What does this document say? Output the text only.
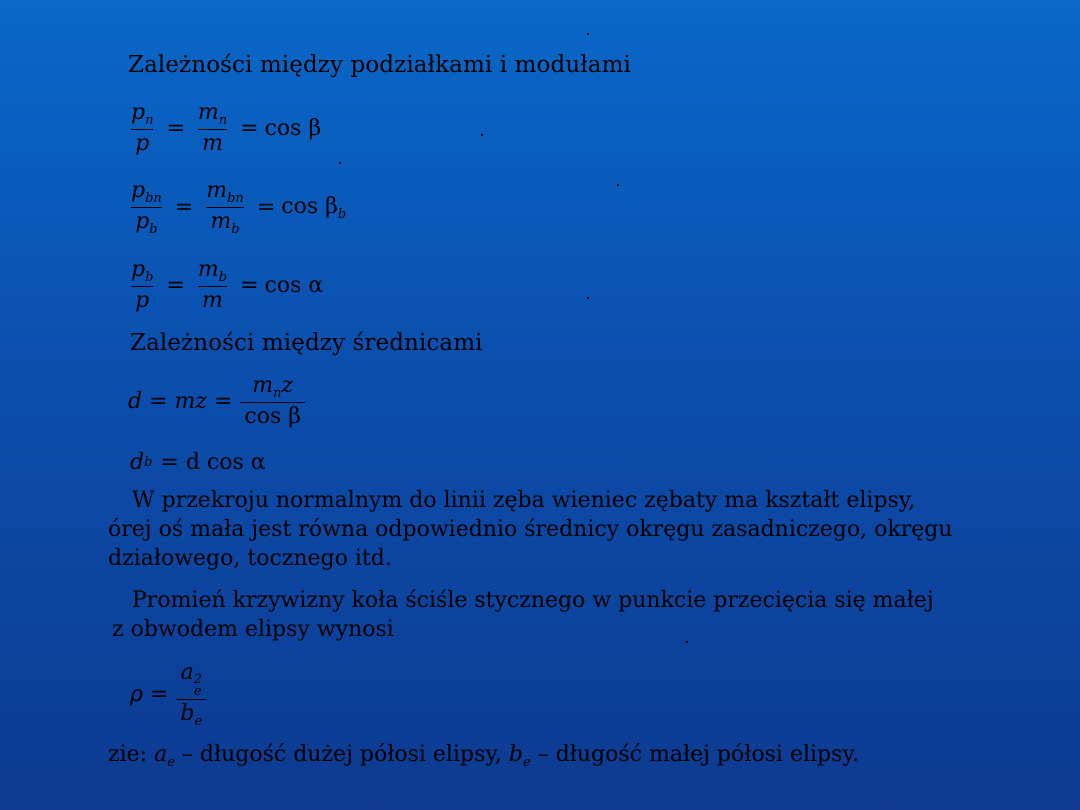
Zależności między podziałkami i modułami
$\frac{p_n}{p} = \frac{m_n}{m} = \cos \beta$
$\frac{p_{bn}}{p_b} = \frac{m_{bn}}{m_b} = \cos \beta_b$
$\frac{p_b}{p} = \frac{m_b}{m} = \cos \alpha$
Zależności między średnicami
d = mz = $\frac{m_nz}{\text{cos β}}$
d b = d cos α
W przekroju normalnym do linii zęba wieniec zębaty ma kształt elipsy,
órej oś mała jest równa odpowiednio średnicy okręgu zasadniczego, okręgu
działowego, tocznego itd.
Promień krzywizny koła ściśle stycznego w punkcie przecięcia się małej
z obwodem elipsy wynosi
ρ = a 2
e
$b_e$
zie: $a_e$ – długość dużej półosi elipsy, $b_e$ – długość małej półosi elipsy.
